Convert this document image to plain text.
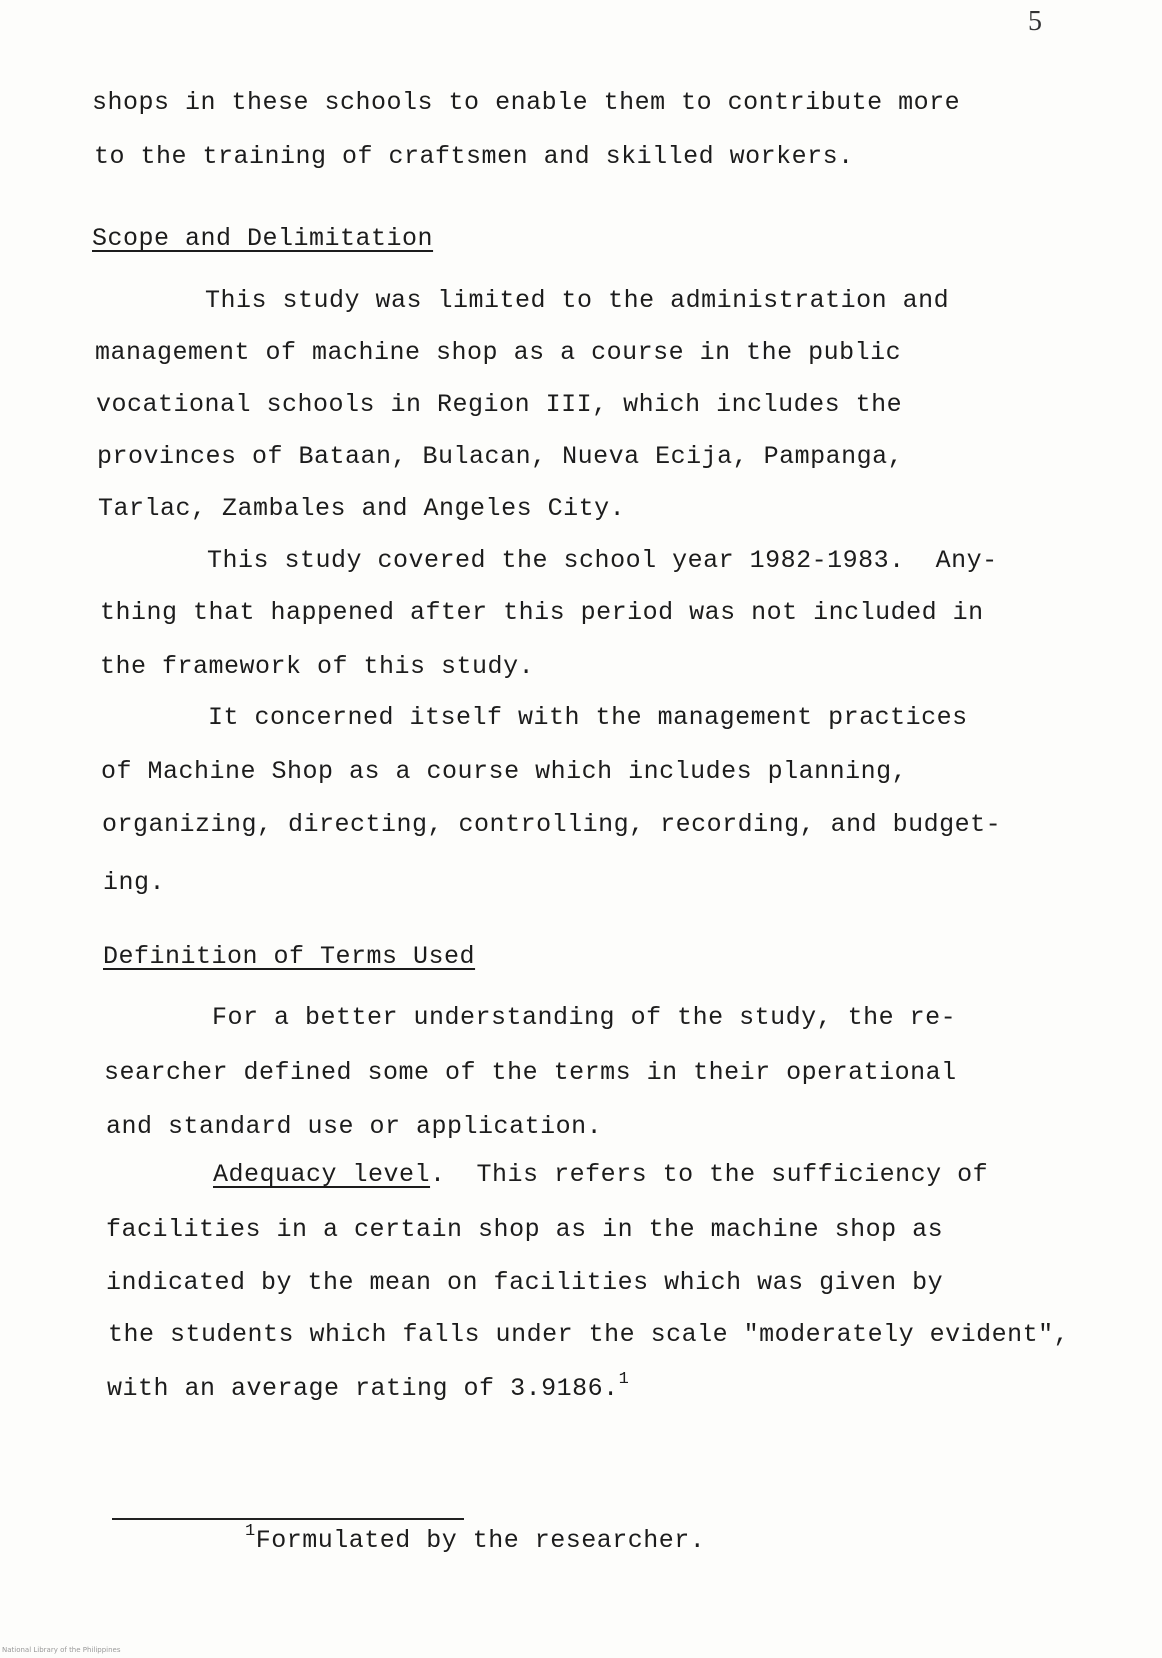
5
shops in these schools to enable them to contribute more
to the training of craftsmen and skilled workers.
Scope and Delimitation
This study was limited to the administration and
management of machine shop as a course in the public
vocational schools in Region III, which includes the
provinces of Bataan, Bulacan, Nueva Ecija, Pampanga,
Tarlac, Zambales and Angeles City.
This study covered the school year 1982-1983.  Any-
thing that happened after this period was not included in
the framework of this study.
It concerned itself with the management practices
of Machine Shop as a course which includes planning,
organizing, directing, controlling, recording, and budget-
ing.
Definition of Terms Used
For a better understanding of the study, the re-
searcher defined some of the terms in their operational
and standard use or application.
Adequacy level.  This refers to the sufficiency of
facilities in a certain shop as in the machine shop as
indicated by the mean on facilities which was given by
the students which falls under the scale "moderately evident",
with an average rating of 3.9186.$^1$
$^1$Formulated by the researcher.
National Library of the Philippines
